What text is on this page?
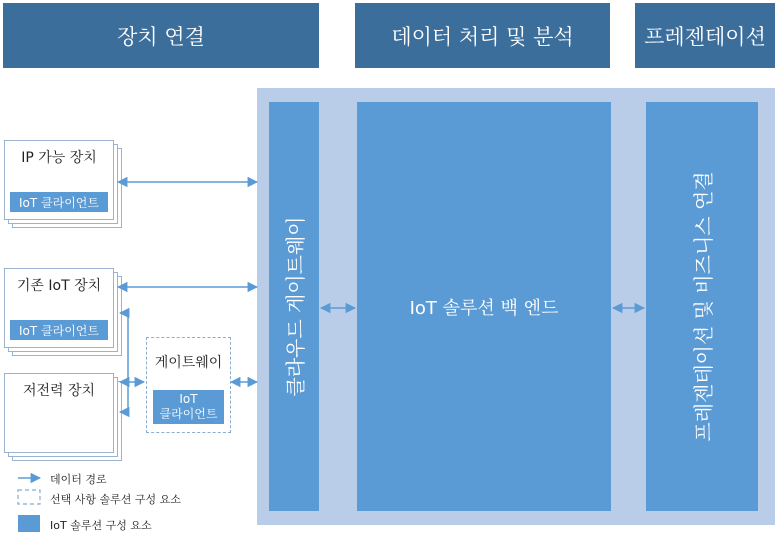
장치 연결	데이터 처리 및 분석	프레젠테이션
클라우드 게이트웨이	IoT 솔루션 백 엔드	프레젠테이션 및 비즈니스 연결
IP 가능 장치
IoT 클라이언트
기존 IoT 장치
IoT 클라이언트
저전력 장치
게이트웨이
IoT
클라이언트
데이터 경로
선택 사항 솔루션 구성 요소
IoT 솔루션 구성 요소
